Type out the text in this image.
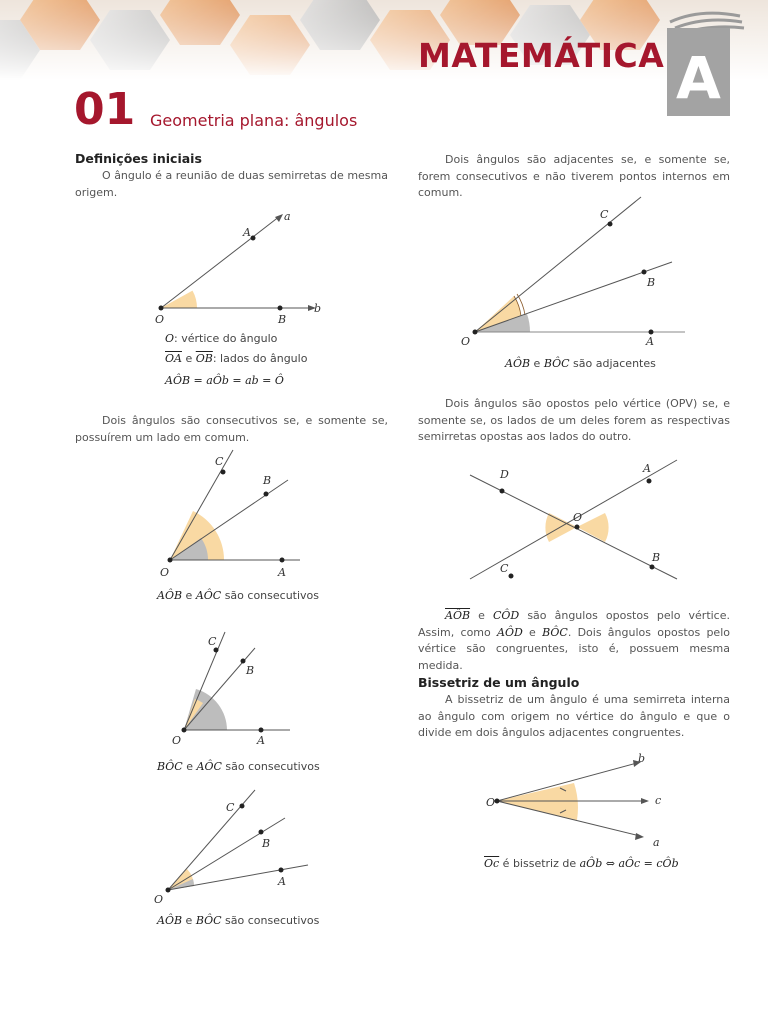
MATEMÁTICA A
01 Geometria plana: ângulos
Definições iniciais
O ângulo é a reunião de duas semirretas de mesma origem.
a
A
O	B
b
O: vértice do ângulo
$\overline{OA}$ e $\overline{OB}$: lados do ângulo
AÔB = aÔb = ab = Ô
Dois ângulos são consecutivos se, e somente se, possuírem um lado em comum.
C
B
O	A
AÔB e AÔC são consecutivos
C
B
O	A
BÔC e AÔC são consecutivos
C
B
A
O
AÔB e BÔC são consecutivos
Dois ângulos são adjacentes se, e somente se, forem consecutivos e não tiverem pontos internos em comum.
C
B
O	A
AÔB e BÔC são adjacentes
Dois ângulos são opostos pelo vértice (OPV) se, e somente se, os lados de um deles forem as respectivas semirretas opostas aos lados do outro.
D	A
O
C
B
$\overline{AÔB}$ e CÔD são ângulos opostos pelo vértice. Assim, como AÔD e BÔC. Dois ângulos opostos pelo vértice são congruentes, isto é, possuem mesma medida.
Bissetriz de um ângulo
A bissetriz de um ângulo é uma semirreta interna ao ângulo com origem no vértice do ângulo e que o divide em dois ângulos adjacentes congruentes.
b
O	c
a
$\overline{Oc}$ é bissetriz de aÔb ⇔ aÔc = cÔb
